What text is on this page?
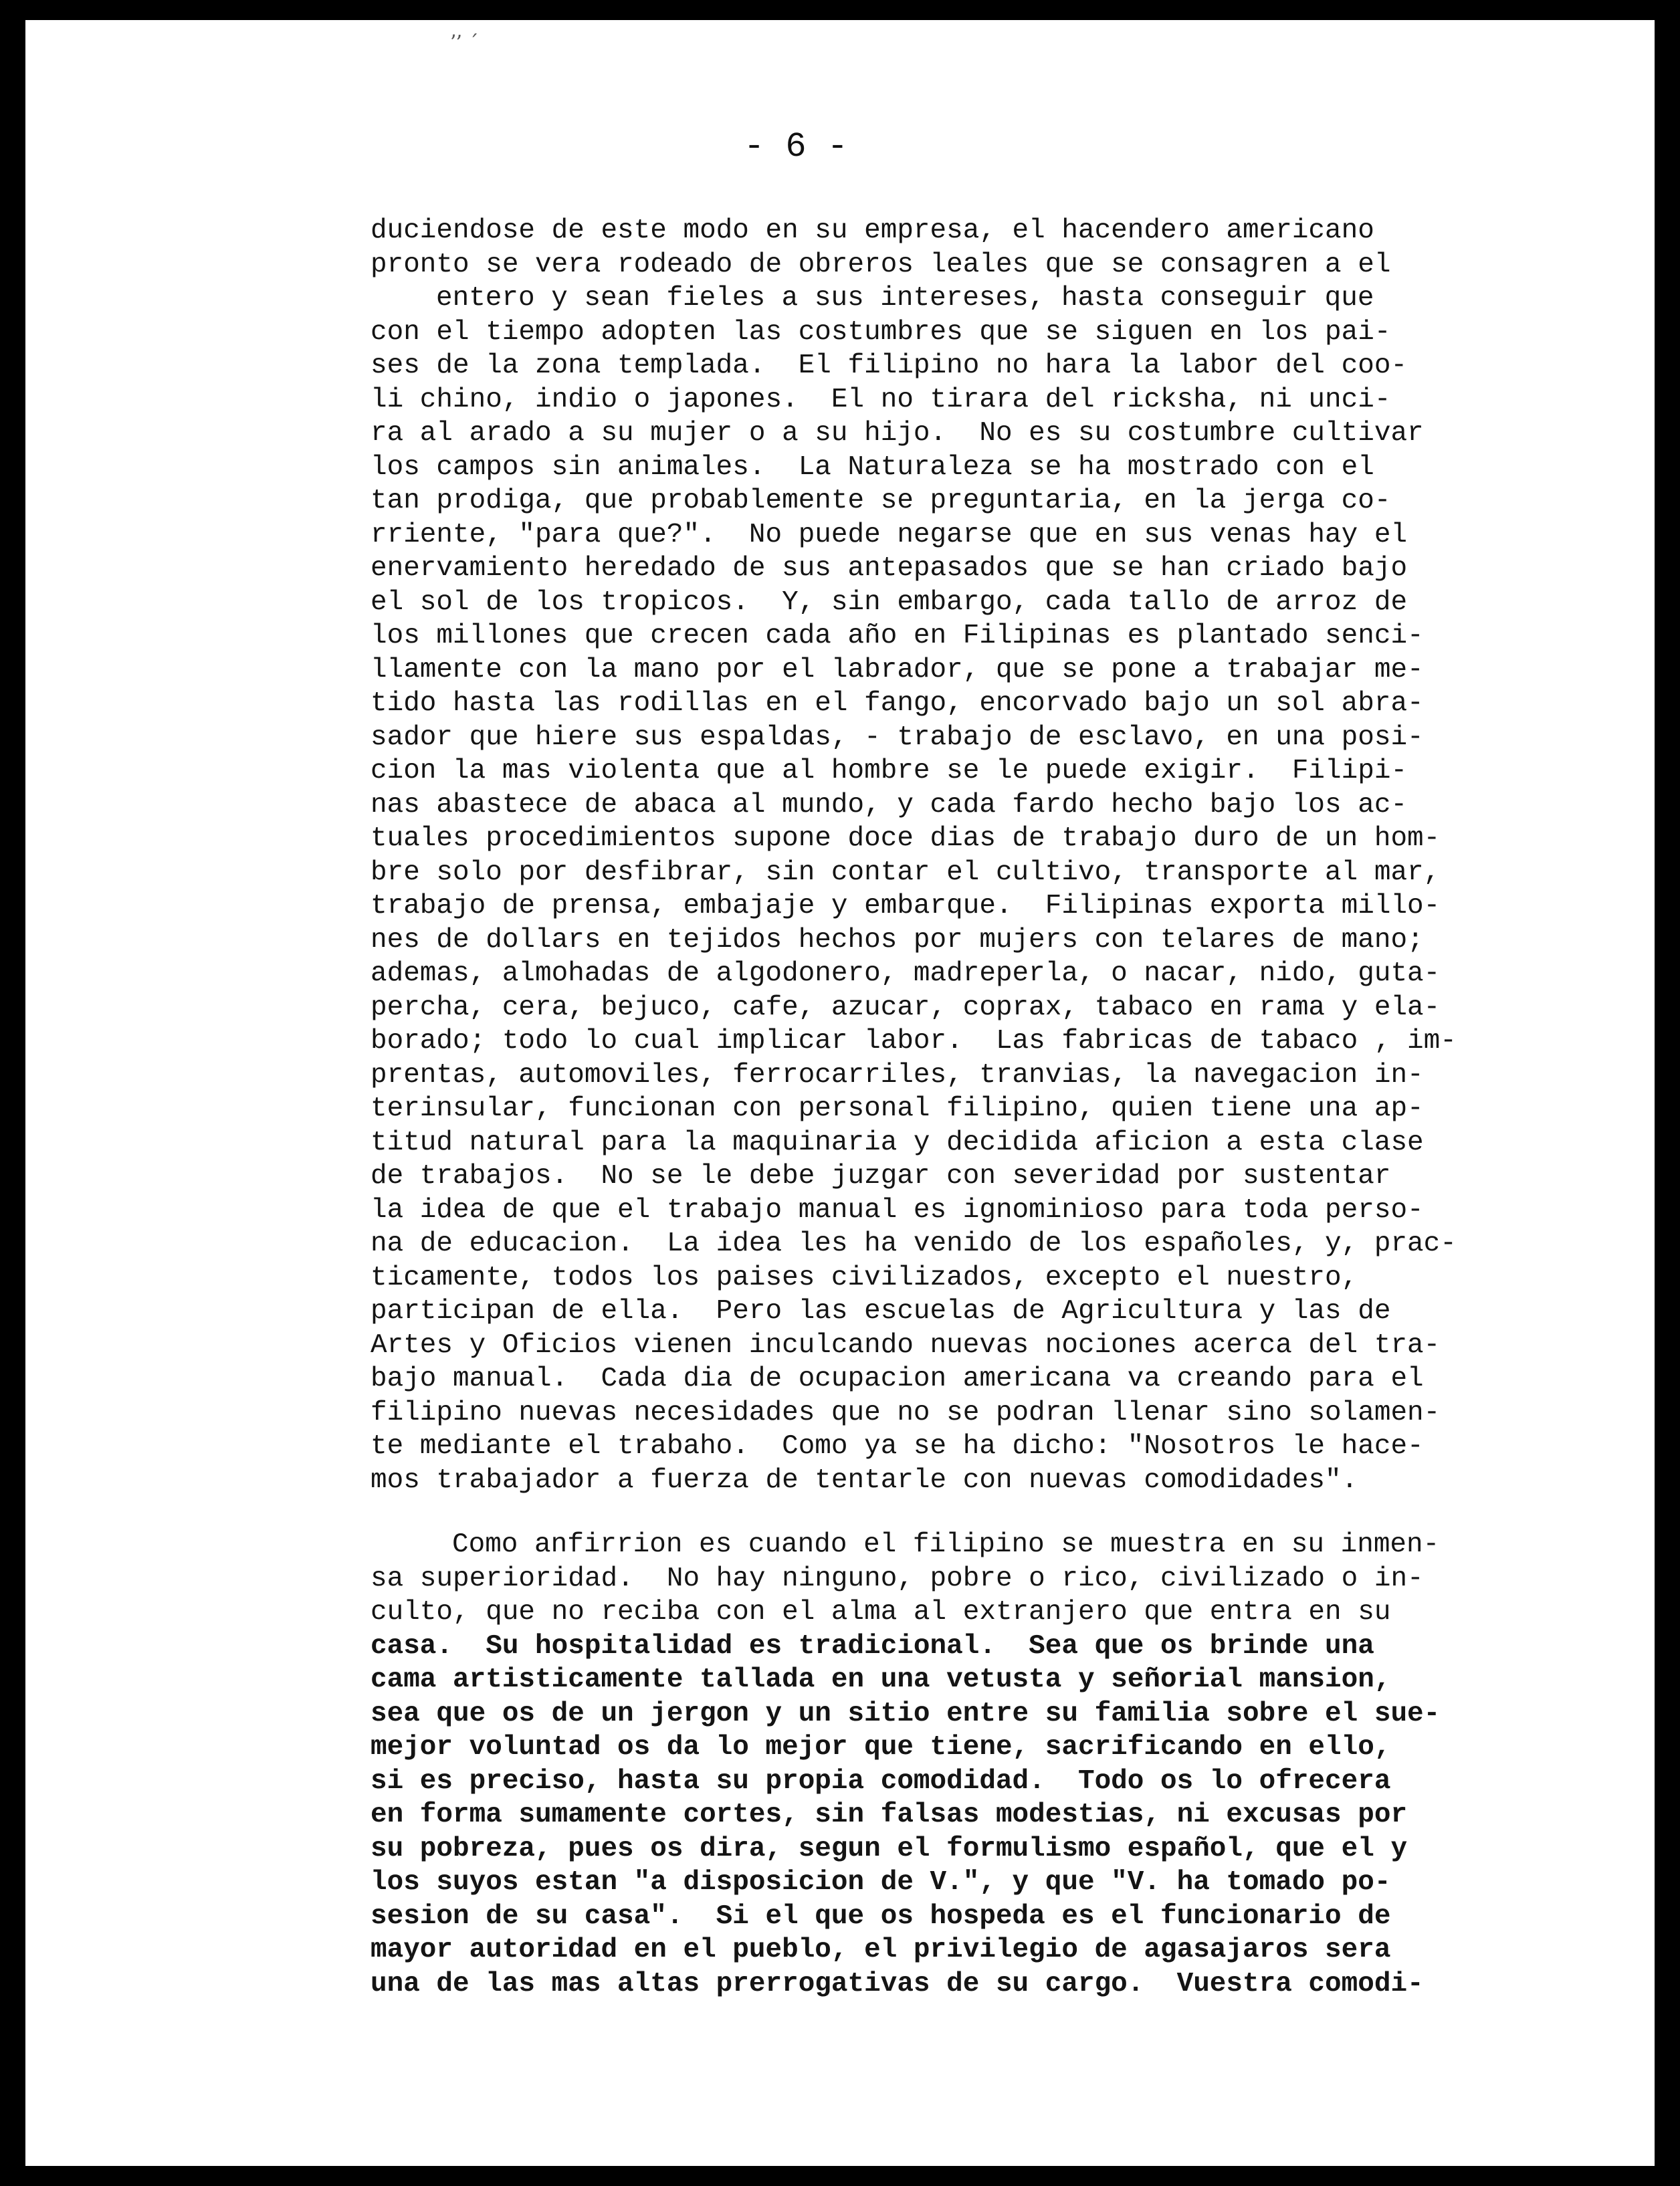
ʼ’ ˊ
- 6 -
duciendose de este modo en su empresa, el hacendero americano
pronto se vera rodeado de obreros leales que se consagren a el
entero y sean fieles a sus intereses, hasta conseguir que
con el tiempo adopten las costumbres que se siguen en los pai-
ses de la zona templada.  El filipino no hara la labor del coo-
li chino, indio o japones.  El no tirara del ricksha, ni unci-
ra al arado a su mujer o a su hijo.  No es su costumbre cultivar
los campos sin animales.  La Naturaleza se ha mostrado con el
tan prodiga, que probablemente se preguntaria, en la jerga co-
rriente, "para que?".  No puede negarse que en sus venas hay el
enervamiento heredado de sus antepasados que se han criado bajo
el sol de los tropicos.  Y, sin embargo, cada tallo de arroz de
los millones que crecen cada año en Filipinas es plantado senci-
llamente con la mano por el labrador, que se pone a trabajar me-
tido hasta las rodillas en el fango, encorvado bajo un sol abra-
sador que hiere sus espaldas, - trabajo de esclavo, en una posi-
cion la mas violenta que al hombre se le puede exigir.  Filipi-
nas abastece de abaca al mundo, y cada fardo hecho bajo los ac-
tuales procedimientos supone doce dias de trabajo duro de un hom-
bre solo por desfibrar, sin contar el cultivo, transporte al mar,
trabajo de prensa, embajaje y embarque.  Filipinas exporta millo-
nes de dollars en tejidos hechos por mujers con telares de mano;
ademas, almohadas de algodonero, madreperla, o nacar, nido, guta-
percha, cera, bejuco, cafe, azucar, coprax, tabaco en rama y ela-
borado; todo lo cual implicar labor.  Las fabricas de tabaco , im-
prentas, automoviles, ferrocarriles, tranvias, la navegacion in-
terinsular, funcionan con personal filipino, quien tiene una ap-
titud natural para la maquinaria y decidida aficion a esta clase
de trabajos.  No se le debe juzgar con severidad por sustentar
la idea de que el trabajo manual es ignominioso para toda perso-
na de educacion.  La idea les ha venido de los españoles, y, prac-
ticamente, todos los paises civilizados, excepto el nuestro,
participan de ella.  Pero las escuelas de Agricultura y las de
Artes y Oficios vienen inculcando nuevas nociones acerca del tra-
bajo manual.  Cada dia de ocupacion americana va creando para el
filipino nuevas necesidades que no se podran llenar sino solamen-
te mediante el trabaho.  Como ya se ha dicho: "Nosotros le hace-
mos trabajador a fuerza de tentarle con nuevas comodidades".
Como anfirrion es cuando el filipino se muestra en su inmen-
sa superioridad.  No hay ninguno, pobre o rico, civilizado o in-
culto, que no reciba con el alma al extranjero que entra en su
casa.  Su hospitalidad es tradicional.  Sea que os brinde una
cama artisticamente tallada en una vetusta y señorial mansion,
sea que os de un jergon y un sitio entre su familia sobre el sue-
mejor voluntad os da lo mejor que tiene, sacrificando en ello,
si es preciso, hasta su propia comodidad.  Todo os lo ofrecera
en forma sumamente cortes, sin falsas modestias, ni excusas por
su pobreza, pues os dira, segun el formulismo español, que el y
los suyos estan "a disposicion de V.", y que "V. ha tomado po-
sesion de su casa".  Si el que os hospeda es el funcionario de
mayor autoridad en el pueblo, el privilegio de agasajaros sera
una de las mas altas prerrogativas de su cargo.  Vuestra comodi-
